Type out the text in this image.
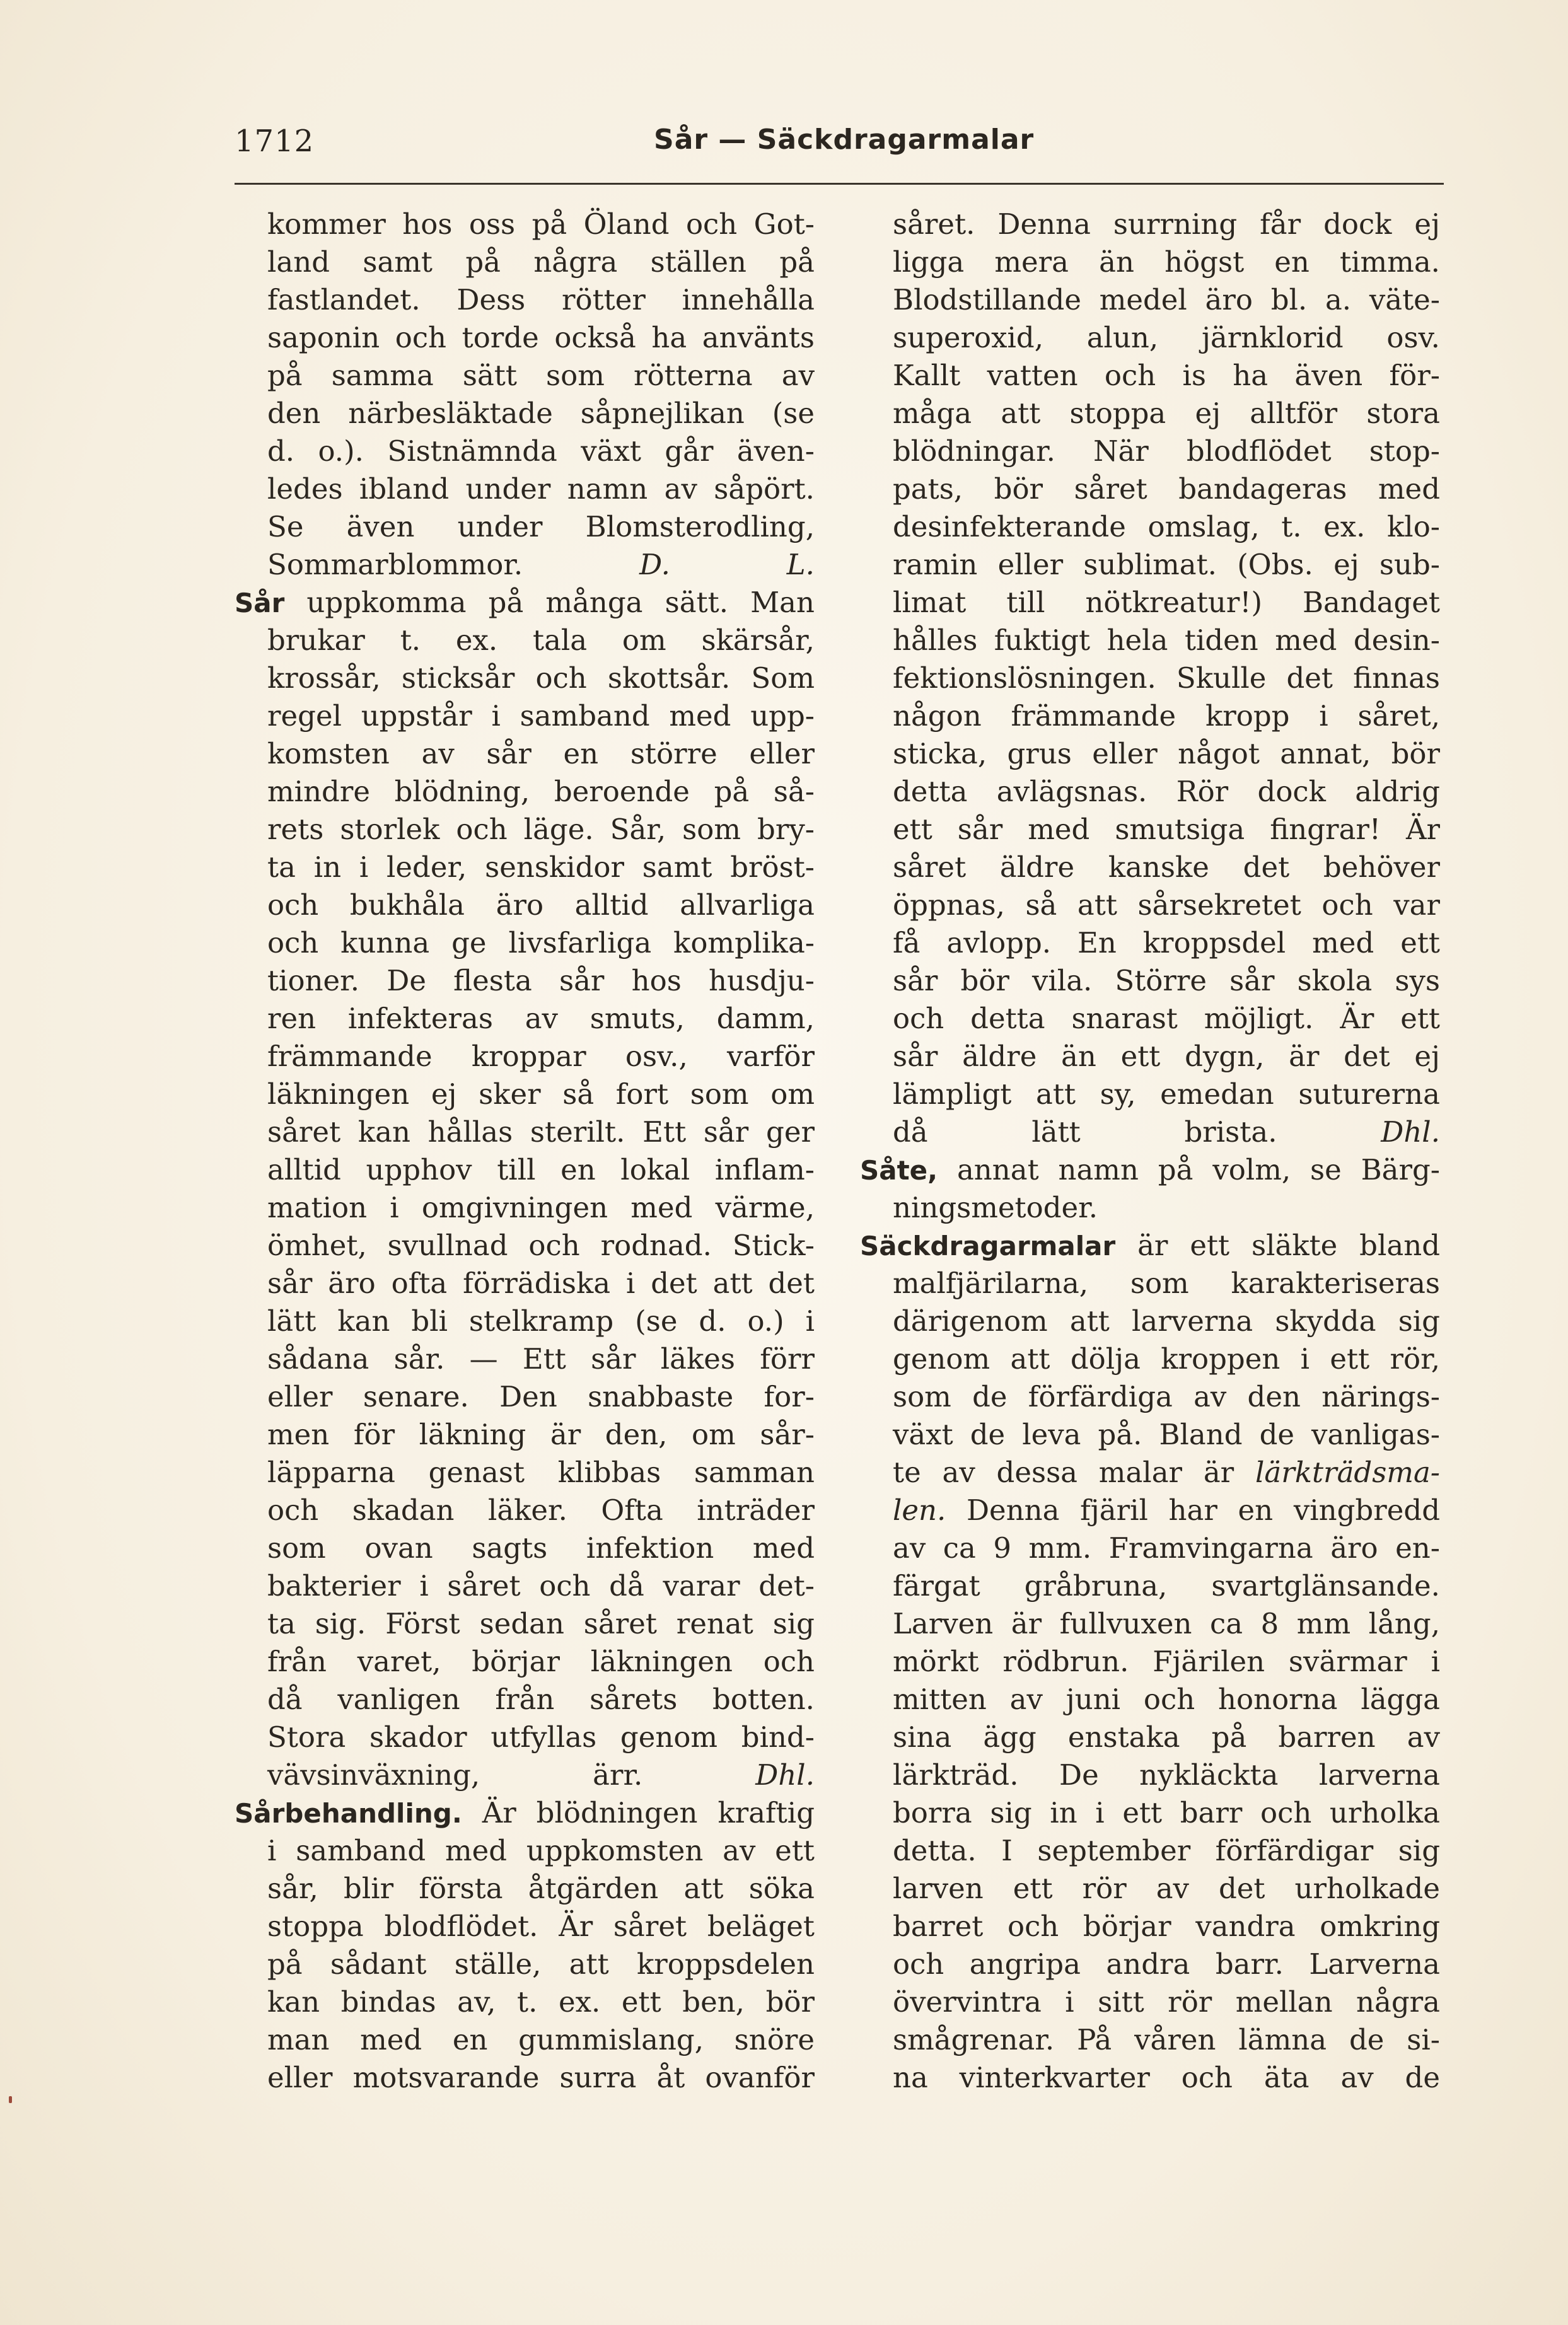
1712	Sår — Säckdragarmalar
kommer hos oss på Öland och Got-
land samt på några ställen på
fastlandet. Dess rötter innehålla
saponin och torde också ha använts
på samma sätt som rötterna av
den närbesläktade såpnejlikan (se
d. o.). Sistnämnda växt går även-
ledes ibland under namn av såpört.
Se även under Blomsterodling,
Sommarblommor.	D. L.
Sår uppkomma på många sätt. Man
brukar t. ex. tala om skärsår,
krossår, sticksår och skottsår. Som
regel uppstår i samband med upp-
komsten av sår en större eller
mindre blödning, beroende på så-
rets storlek och läge. Sår, som bry-
ta in i leder, senskidor samt bröst-
och bukhåla äro alltid allvarliga
och kunna ge livsfarliga komplika-
tioner. De flesta sår hos husdju-
ren infekteras av smuts, damm,
främmande kroppar osv., varför
läkningen ej sker så fort som om
såret kan hållas sterilt. Ett sår ger
alltid upphov till en lokal inflam-
mation i omgivningen med värme,
ömhet, svullnad och rodnad. Stick-
sår äro ofta förrädiska i det att det
lätt kan bli stelkramp (se d. o.) i
sådana sår. — Ett sår läkes förr
eller senare. Den snabbaste for-
men för läkning är den, om sår-
läpparna genast klibbas samman
och skadan läker. Ofta inträder
som ovan sagts infektion med
bakterier i såret och då varar det-
ta sig. Först sedan såret renat sig
från varet, börjar läkningen och
då vanligen från sårets botten.
Stora skador utfyllas genom bind-
vävsinväxning, ärr.	Dhl.
Sårbehandling. Är blödningen kraftig
i samband med uppkomsten av ett
sår, blir första åtgärden att söka
stoppa blodflödet. Är såret beläget
på sådant ställe, att kroppsdelen
kan bindas av, t. ex. ett ben, bör
man med en gummislang, snöre
eller motsvarande surra åt ovanför
såret. Denna surrning får dock ej
ligga mera än högst en timma.
Blodstillande medel äro bl. a. väte-
superoxid, alun, järnklorid osv.
Kallt vatten och is ha även för-
måga att stoppa ej alltför stora
blödningar. När blodflödet stop-
pats, bör såret bandageras med
desinfekterande omslag, t. ex. klo-
ramin eller sublimat. (Obs. ej sub-
limat till nötkreatur!) Bandaget
hålles fuktigt hela tiden med desin-
fektionslösningen. Skulle det finnas
någon främmande kropp i såret,
sticka, grus eller något annat, bör
detta avlägsnas. Rör dock aldrig
ett sår med smutsiga fingrar! Är
såret äldre kanske det behöver
öppnas, så att sårsekretet och var
få avlopp. En kroppsdel med ett
sår bör vila. Större sår skola sys
och detta snarast möjligt. Är ett
sår äldre än ett dygn, är det ej
lämpligt att sy, emedan suturerna
då lätt brista.	Dhl.
Såte, annat namn på volm, se Bärg-
ningsmetoder.
Säckdragarmalar är ett släkte bland
malfjärilarna, som karakteriseras
därigenom att larverna skydda sig
genom att dölja kroppen i ett rör,
som de förfärdiga av den närings-
växt de leva på. Bland de vanligas-
te av dessa malar är lärkträdsma-
len. Denna fjäril har en vingbredd
av ca 9 mm. Framvingarna äro en-
färgat gråbruna, svartglänsande.
Larven är fullvuxen ca 8 mm lång,
mörkt rödbrun. Fjärilen svärmar i
mitten av juni och honorna lägga
sina ägg enstaka på barren av
lärkträd. De nykläckta larverna
borra sig in i ett barr och urholka
detta. I september förfärdigar sig
larven ett rör av det urholkade
barret och börjar vandra omkring
och angripa andra barr. Larverna
övervintra i sitt rör mellan några
smågrenar. På våren lämna de si-
na vinterkvarter och äta av de
